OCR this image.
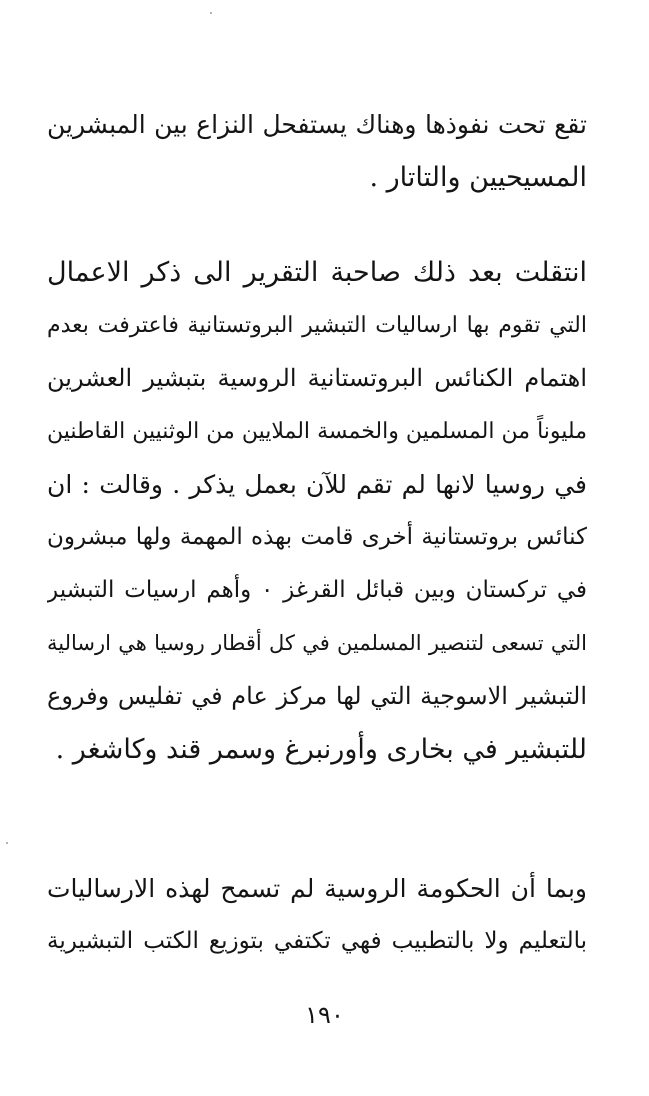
تقع تحت نفوذها وهناك يستفحل النزاع بين المبشرين
المسيحيين والتاتار .
انتقلت بعد ذلك صاحبة التقرير الى ذكر الاعمال
التي تقوم بها ارساليات التبشير البروتستانية فاعترفت بعدم
اهتمام الكنائس البروتستانية الروسية بتبشير العشرين
مليوناً من المسلمين والخمسة الملايين من الوثنيين القاطنين
في روسيا لانها لم تقم للآن بعمل يذكر . وقالت : ان
كنائس بروتستانية أخرى قامت بهذه المهمة ولها مبشرون
في تركستان وبين قبائل القرغز ٠ وأهم ارسيات التبشير
التي تسعى لتنصير المسلمين في كل أقطار روسيا هي ارسالية
التبشير الاسوجية التي لها مركز عام في تفليس وفروع
للتبشير في بخارى وأورنبرغ وسمر قند وكاشغر .
وبما أن الحكومة الروسية لم تسمح لهذه الارساليات
بالتعليم ولا بالتطبيب فهي تكتفي بتوزيع الكتب التبشيرية
١٩٠
